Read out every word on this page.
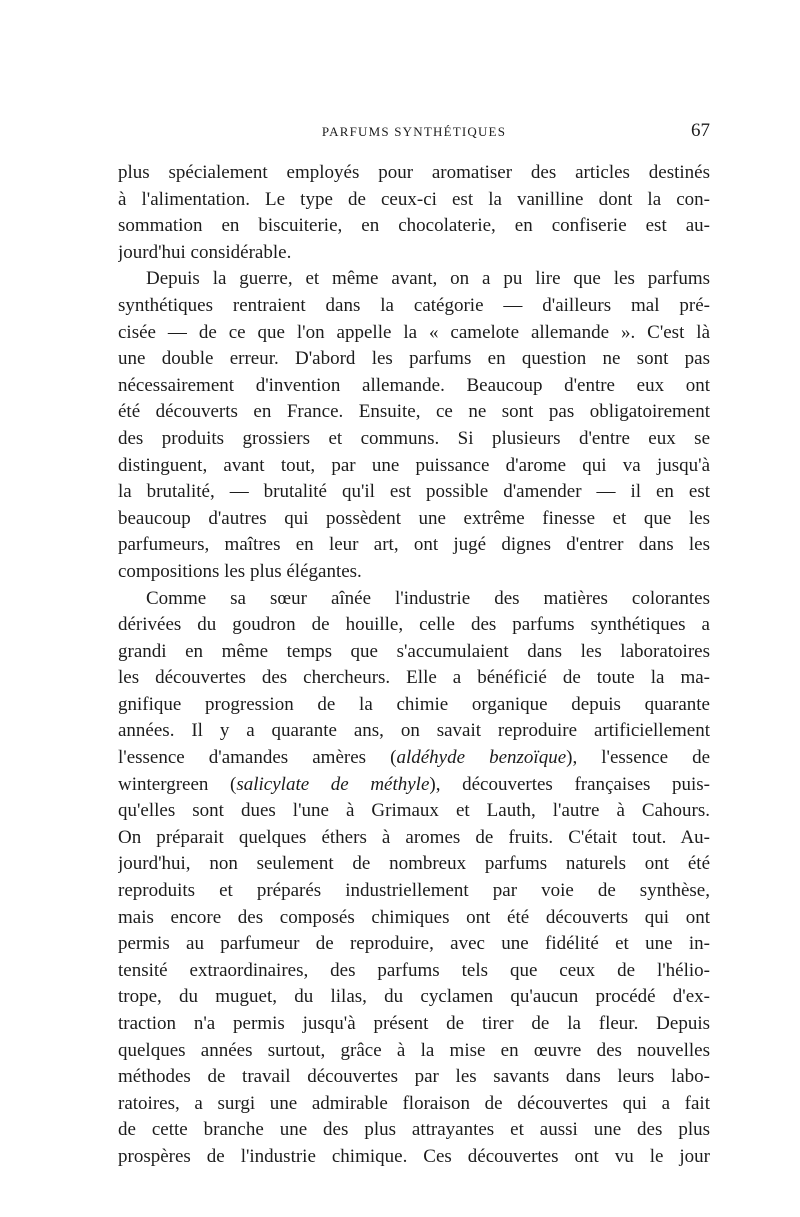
PARFUMS SYNTHÉTIQUES	67
plus spécialement employés pour aromatiser des articles destinés
à l'alimentation. Le type de ceux-ci est la vanilline dont la con-
sommation en biscuiterie, en chocolaterie, en confiserie est au-
jourd'hui considérable.
Depuis la guerre, et même avant, on a pu lire que les parfums
synthétiques rentraient dans la catégorie — d'ailleurs mal pré-
cisée — de ce que l'on appelle la « camelote allemande ». C'est là
une double erreur. D'abord les parfums en question ne sont pas
nécessairement d'invention allemande. Beaucoup d'entre eux ont
été découverts en France. Ensuite, ce ne sont pas obligatoirement
des produits grossiers et communs. Si plusieurs d'entre eux se
distinguent, avant tout, par une puissance d'arome qui va jusqu'à
la brutalité, — brutalité qu'il est possible d'amender — il en est
beaucoup d'autres qui possèdent une extrême finesse et que les
parfumeurs, maîtres en leur art, ont jugé dignes d'entrer dans les
compositions les plus élégantes.
Comme sa sœur aînée l'industrie des matières colorantes
dérivées du goudron de houille, celle des parfums synthétiques a
grandi en même temps que s'accumulaient dans les laboratoires
les découvertes des chercheurs. Elle a bénéficié de toute la ma-
gnifique progression de la chimie organique depuis quarante
années. Il y a quarante ans, on savait reproduire artificiellement
l'essence d'amandes amères (aldéhyde benzoïque), l'essence de
wintergreen (salicylate de méthyle), découvertes françaises puis-
qu'elles sont dues l'une à Grimaux et Lauth, l'autre à Cahours.
On préparait quelques éthers à aromes de fruits. C'était tout. Au-
jourd'hui, non seulement de nombreux parfums naturels ont été
reproduits et préparés industriellement par voie de synthèse,
mais encore des composés chimiques ont été découverts qui ont
permis au parfumeur de reproduire, avec une fidélité et une in-
tensité extraordinaires, des parfums tels que ceux de l'hélio-
trope, du muguet, du lilas, du cyclamen qu'aucun procédé d'ex-
traction n'a permis jusqu'à présent de tirer de la fleur. Depuis
quelques années surtout, grâce à la mise en œuvre des nouvelles
méthodes de travail découvertes par les savants dans leurs labo-
ratoires, a surgi une admirable floraison de découvertes qui a fait
de cette branche une des plus attrayantes et aussi une des plus
prospères de l'industrie chimique. Ces découvertes ont vu le jour
